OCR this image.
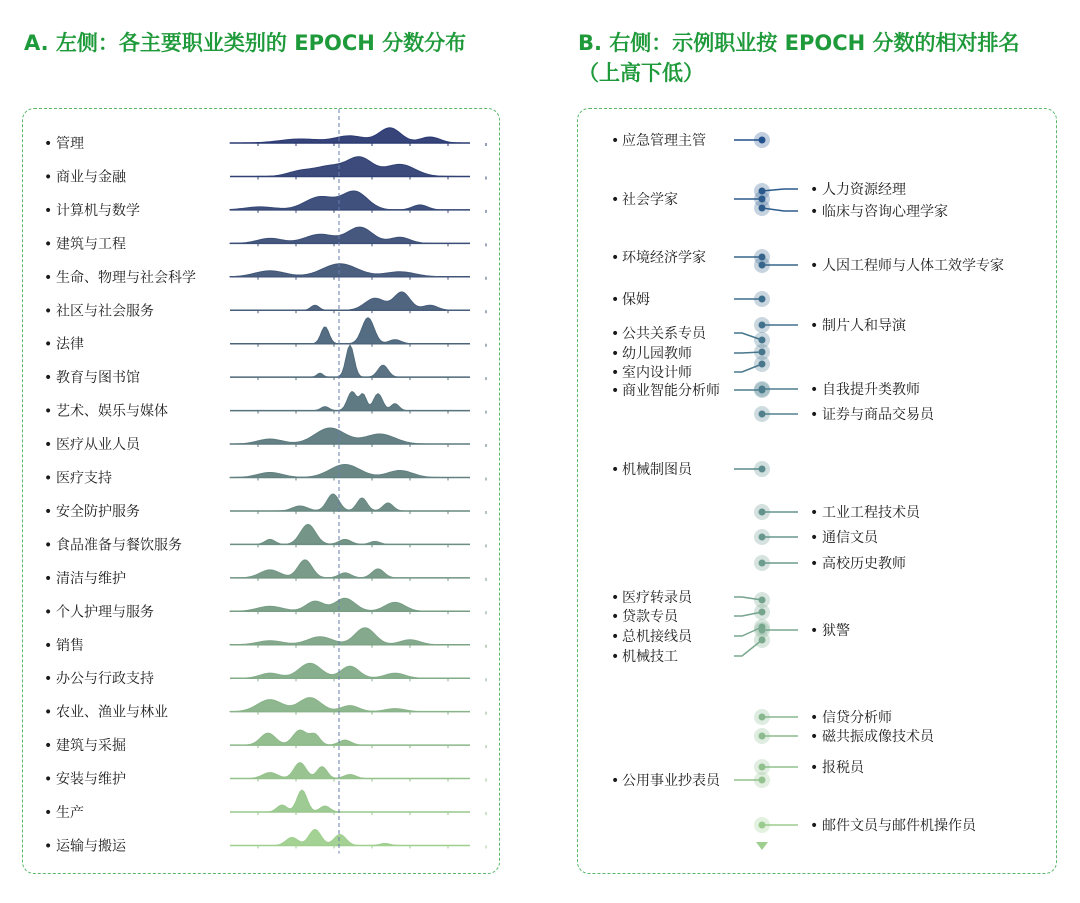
A. 左侧：各主要职业类别的 EPOCH 分数分布	B. 右侧：示例职业按 EPOCH 分数的相对排名
（上高下低）
• 管理
• 商业与金融
• 计算机与数学
• 建筑与工程
• 生命、物理与社会科学
• 社区与社会服务
• 法律
• 教育与图书馆
• 艺术、娱乐与媒体
• 医疗从业人员
• 医疗支持
• 安全防护服务
• 食品准备与餐饮服务
• 清洁与维护
• 个人护理与服务
• 销售
• 办公与行政支持
• 农业、渔业与林业
• 建筑与采掘
• 安装与维护
• 生产
• 运输与搬运
• 应急管理主管
• 社会学家
• 环境经济学家
• 保姆
• 公共关系专员
• 幼儿园教师
• 室内设计师
• 商业智能分析师
• 机械制图员
• 医疗转录员
• 贷款专员
• 总机接线员
• 机械技工
• 公用事业抄表员
• 人力资源经理
• 临床与咨询心理学家
• 人因工程师与人体工效学专家
• 制片人和导演
• 自我提升类教师
• 证券与商品交易员
• 工业工程技术员
• 通信文员
• 高校历史教师
• 狱警
• 信贷分析师
• 磁共振成像技术员
• 报税员
• 邮件文员与邮件机操作员
